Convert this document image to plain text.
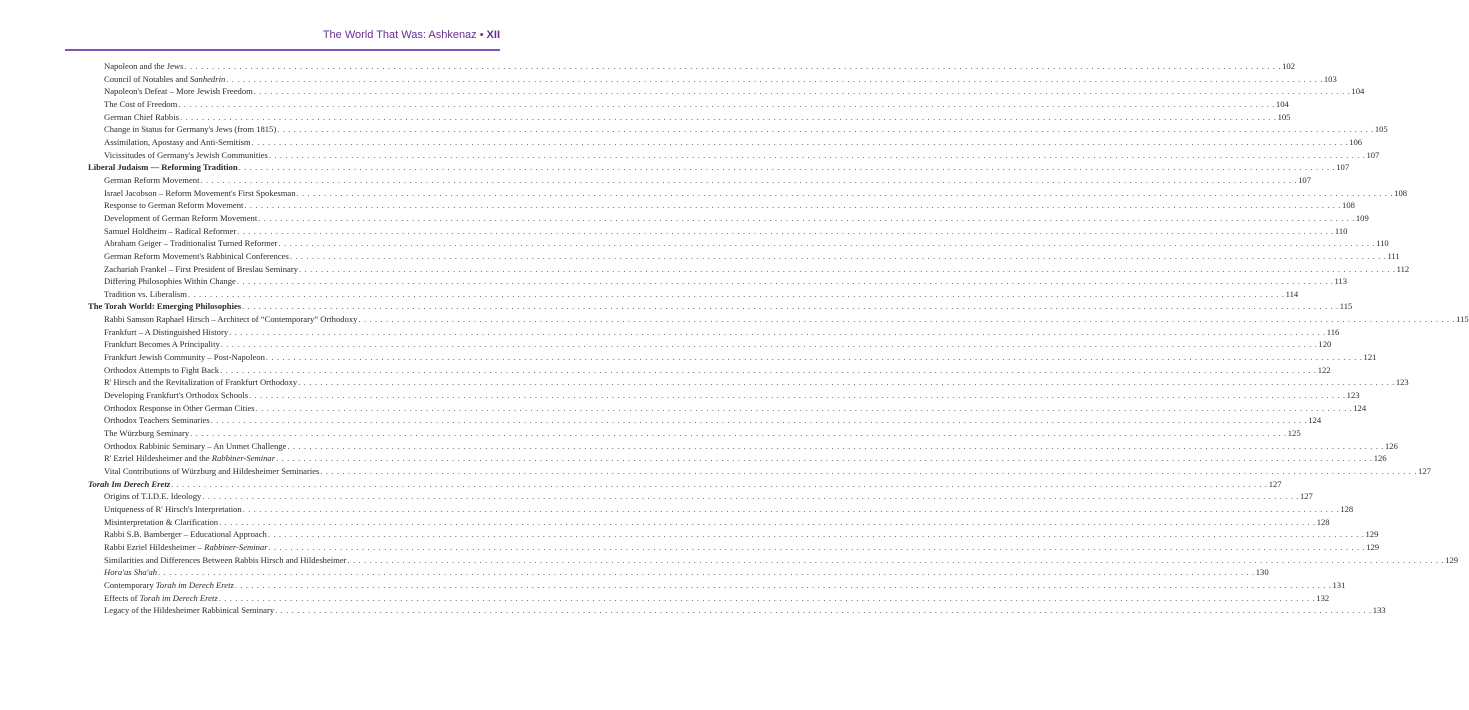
The World That Was: Ashkenaz • XII
Napoleon and the Jews . . . . . . . . . . . . . . . . . . . . . . . . . . . . . . . . . . . . . . . . . . . . . . . . . . . . . . . . . . . . . . . . . . . . . . . . . . . . . . . . . . . . . . . . . . . . . . . . . . . . . . . . . . . . . . . . . . . . . . . . . . . . . . . . . . . . . . . . . . . . . . . . . . . . . . . . . . . . . . . . . . . . . . . . . . . . . . . . . . . . . . . . . . . . . . . . . . . . . . . . 102
Council of Notables and Sanhedrin . . . . . . . . . . . . . . . . . . . . . . . . . . . . . . . . . . . . . . . . . . . . . . . . . . . . . . . . . . . . . . . . . . . . . . . . . . . . . . . . . . . . . . . . . . . . . . . . . . . . . . . . . . . . . . . . . . . . . . . . . . . . . . . . . . . . . . . . . . . . . . . . . . . . . . . . . . . . . . . . . . . . . . . . . . . . . . . . . . . . . . . . . . . . . . . . . . . . . . . . 103
Napoleon's Defeat – More Jewish Freedom . . . . . . . . . . . . . . . . . . . . . . . . . . . . . . . . . . . . . . . . . . . . . . . . . . . . . . . . . . . . . . . . . . . . . . . . . . . . . . . . . . . . . . . . . . . . . . . . . . . . . . . . . . . . . . . . . . . . . . . . . . . . . . . . . . . . . . . . . . . . . . . . . . . . . . . . . . . . . . . . . . . . . . . . . . . . . . . . . . . . . . . . . . . . . . . . . . . . . . . . 104
The Cost of Freedom . . . . . . . . . . . . . . . . . . . . . . . . . . . . . . . . . . . . . . . . . . . . . . . . . . . . . . . . . . . . . . . . . . . . . . . . . . . . . . . . . . . . . . . . . . . . . . . . . . . . . . . . . . . . . . . . . . . . . . . . . . . . . . . . . . . . . . . . . . . . . . . . . . . . . . . . . . . . . . . . . . . . . . . . . . . . . . . . . . . . . . . . . . . . . . . . . . . . . . . . 104
German Chief Rabbis . . . . . . . . . . . . . . . . . . . . . . . . . . . . . . . . . . . . . . . . . . . . . . . . . . . . . . . . . . . . . . . . . . . . . . . . . . . . . . . . . . . . . . . . . . . . . . . . . . . . . . . . . . . . . . . . . . . . . . . . . . . . . . . . . . . . . . . . . . . . . . . . . . . . . . . . . . . . . . . . . . . . . . . . . . . . . . . . . . . . . . . . . . . . . . . . . . . . . . . . 105
Change in Status for Germany's Jews (from 1815) . . . . . . . . . . . . . . . . . . . . . . . . . . . . . . . . . . . . . . . . . . . . . . . . . . . . . . . . . . . . . . . . . . . . . . . . . . . . . . . . . . . . . . . . . . . . . . . . . . . . . . . . . . . . . . . . . . . . . . . . . . . . . . . . . . . . . . . . . . . . . . . . . . . . . . . . . . . . . . . . . . . . . . . . . . . . . . . . . . . . . . . . . . . . . . . . . . . . . . . . 105
Assimilation, Apostasy and Anti-Semitism . . . . . . . . . . . . . . . . . . . . . . . . . . . . . . . . . . . . . . . . . . . . . . . . . . . . . . . . . . . . . . . . . . . . . . . . . . . . . . . . . . . . . . . . . . . . . . . . . . . . . . . . . . . . . . . . . . . . . . . . . . . . . . . . . . . . . . . . . . . . . . . . . . . . . . . . . . . . . . . . . . . . . . . . . . . . . . . . . . . . . . . . . . . . . . . . . . . . . . . . 106
Vicissitudes of Germany's Jewish Communities . . . . . . . . . . . . . . . . . . . . . . . . . . . . . . . . . . . . . . . . . . . . . . . . . . . . . . . . . . . . . . . . . . . . . . . . . . . . . . . . . . . . . . . . . . . . . . . . . . . . . . . . . . . . . . . . . . . . . . . . . . . . . . . . . . . . . . . . . . . . . . . . . . . . . . . . . . . . . . . . . . . . . . . . . . . . . . . . . . . . . . . . . . . . . . . . . . . . . . . . 107
Liberal Judaism — Reforming Tradition . . . . . . . . . . . . . . . . . . . . . . . . . . . . . . . . . . . . . . . . . . . . . . . . . . . . . . . . . . . . . . . . . . . . . . . . . . . . . . . . . . . . . . . . . . . . . . . . . . . . . . . . . . . . . . . . . . . . . . . . . . . . . . . . . . . . . . . . . . . . . . . . . . . . . . . . . . . . . . . . . . . . . . . . . . . . . . . . . . . . . . . . . . . . . . . . . . . . . . . . 107
German Reform Movement . . . . . . . . . . . . . . . . . . . . . . . . . . . . . . . . . . . . . . . . . . . . . . . . . . . . . . . . . . . . . . . . . . . . . . . . . . . . . . . . . . . . . . . . . . . . . . . . . . . . . . . . . . . . . . . . . . . . . . . . . . . . . . . . . . . . . . . . . . . . . . . . . . . . . . . . . . . . . . . . . . . . . . . . . . . . . . . . . . . . . . . . . . . . . . . . . . . . . . . . 107
Israel Jacobson – Reform Movement's First Spokesman . . . . . . . . . . . . . . . . . . . . . . . . . . . . . . . . . . . . . . . . . . . . . . . . . . . . . . . . . . . . . . . . . . . . . . . . . . . . . . . . . . . . . . . . . . . . . . . . . . . . . . . . . . . . . . . . . . . . . . . . . . . . . . . . . . . . . . . . . . . . . . . . . . . . . . . . . . . . . . . . . . . . . . . . . . . . . . . . . . . . . . . . . . . . . . . . . . . . . . . . 108
Response to German Reform Movement . . . . . . . . . . . . . . . . . . . . . . . . . . . . . . . . . . . . . . . . . . . . . . . . . . . . . . . . . . . . . . . . . . . . . . . . . . . . . . . . . . . . . . . . . . . . . . . . . . . . . . . . . . . . . . . . . . . . . . . . . . . . . . . . . . . . . . . . . . . . . . . . . . . . . . . . . . . . . . . . . . . . . . . . . . . . . . . . . . . . . . . . . . . . . . . . . . . . . . . . 108
Development of German Reform Movement . . . . . . . . . . . . . . . . . . . . . . . . . . . . . . . . . . . . . . . . . . . . . . . . . . . . . . . . . . . . . . . . . . . . . . . . . . . . . . . . . . . . . . . . . . . . . . . . . . . . . . . . . . . . . . . . . . . . . . . . . . . . . . . . . . . . . . . . . . . . . . . . . . . . . . . . . . . . . . . . . . . . . . . . . . . . . . . . . . . . . . . . . . . . . . . . . . . . . . . . 109
Samuel Holdheim – Radical Reformer . . . . . . . . . . . . . . . . . . . . . . . . . . . . . . . . . . . . . . . . . . . . . . . . . . . . . . . . . . . . . . . . . . . . . . . . . . . . . . . . . . . . . . . . . . . . . . . . . . . . . . . . . . . . . . . . . . . . . . . . . . . . . . . . . . . . . . . . . . . . . . . . . . . . . . . . . . . . . . . . . . . . . . . . . . . . . . . . . . . . . . . . . . . . . . . . . . . . . . . . 110
Abraham Geiger – Traditionalist Turned Reformer . . . . . . . . . . . . . . . . . . . . . . . . . . . . . . . . . . . . . . . . . . . . . . . . . . . . . . . . . . . . . . . . . . . . . . . . . . . . . . . . . . . . . . . . . . . . . . . . . . . . . . . . . . . . . . . . . . . . . . . . . . . . . . . . . . . . . . . . . . . . . . . . . . . . . . . . . . . . . . . . . . . . . . . . . . . . . . . . . . . . . . . . . . . . . . . . . . . . . . . . 110
German Reform Movement's Rabbinical Conferences . . . . . . . . . . . . . . . . . . . . . . . . . . . . . . . . . . . . . . . . . . . . . . . . . . . . . . . . . . . . . . . . . . . . . . . . . . . . . . . . . . . . . . . . . . . . . . . . . . . . . . . . . . . . . . . . . . . . . . . . . . . . . . . . . . . . . . . . . . . . . . . . . . . . . . . . . . . . . . . . . . . . . . . . . . . . . . . . . . . . . . . . . . . . . . . . . . . . . . . . 111
Zachariah Frankel – First President of Breslau Seminary . . . . . . . . . . . . . . . . . . . . . . . . . . . . . . . . . . . . . . . . . . . . . . . . . . . . . . . . . . . . . . . . . . . . . . . . . . . . . . . . . . . . . . . . . . . . . . . . . . . . . . . . . . . . . . . . . . . . . . . . . . . . . . . . . . . . . . . . . . . . . . . . . . . . . . . . . . . . . . . . . . . . . . . . . . . . . . . . . . . . . . . . . . . . . . . . . . . . . . . . 112
Differing Philosophies Within Change . . . . . . . . . . . . . . . . . . . . . . . . . . . . . . . . . . . . . . . . . . . . . . . . . . . . . . . . . . . . . . . . . . . . . . . . . . . . . . . . . . . . . . . . . . . . . . . . . . . . . . . . . . . . . . . . . . . . . . . . . . . . . . . . . . . . . . . . . . . . . . . . . . . . . . . . . . . . . . . . . . . . . . . . . . . . . . . . . . . . . . . . . . . . . . . . . . . . . . . . 113
Tradition vs. Liberalism . . . . . . . . . . . . . . . . . . . . . . . . . . . . . . . . . . . . . . . . . . . . . . . . . . . . . . . . . . . . . . . . . . . . . . . . . . . . . . . . . . . . . . . . . . . . . . . . . . . . . . . . . . . . . . . . . . . . . . . . . . . . . . . . . . . . . . . . . . . . . . . . . . . . . . . . . . . . . . . . . . . . . . . . . . . . . . . . . . . . . . . . . . . . . . . . . . . . . . . . 114
The Torah World: Emerging Philosophies . . . . . . . . . . . . . . . . . . . . . . . . . . . . . . . . . . . . . . . . . . . . . . . . . . . . . . . . . . . . . . . . . . . . . . . . . . . . . . . . . . . . . . . . . . . . . . . . . . . . . . . . . . . . . . . . . . . . . . . . . . . . . . . . . . . . . . . . . . . . . . . . . . . . . . . . . . . . . . . . . . . . . . . . . . . . . . . . . . . . . . . . . . . . . . . . . . . . . . . . 115
Rabbi Samson Raphael Hirsch – Architect of “Contemporary” Orthodoxy . . . . . . . . . . . . . . . . . . . . . . . . . . . . . . . . . . . . . . . . . . . . . . . . . . . . . . . . . . . . . . . . . . . . . . . . . . . . . . . . . . . . . . . . . . . . . . . . . . . . . . . . . . . . . . . . . . . . . . . . . . . . . . . . . . . . . . . . . . . . . . . . . . . . . . . . . . . . . . . . . . . . . . . . . . . . . . . . . . . . . . . . . . . . . . . . . . . . . . . . 115
Frankfurt – A Distinguished History . . . . . . . . . . . . . . . . . . . . . . . . . . . . . . . . . . . . . . . . . . . . . . . . . . . . . . . . . . . . . . . . . . . . . . . . . . . . . . . . . . . . . . . . . . . . . . . . . . . . . . . . . . . . . . . . . . . . . . . . . . . . . . . . . . . . . . . . . . . . . . . . . . . . . . . . . . . . . . . . . . . . . . . . . . . . . . . . . . . . . . . . . . . . . . . . . . . . . . . . 116
Frankfurt Becomes A Principality . . . . . . . . . . . . . . . . . . . . . . . . . . . . . . . . . . . . . . . . . . . . . . . . . . . . . . . . . . . . . . . . . . . . . . . . . . . . . . . . . . . . . . . . . . . . . . . . . . . . . . . . . . . . . . . . . . . . . . . . . . . . . . . . . . . . . . . . . . . . . . . . . . . . . . . . . . . . . . . . . . . . . . . . . . . . . . . . . . . . . . . . . . . . . . . . . . . . . . . . 120
Frankfurt Jewish Community – Post-Napoleon . . . . . . . . . . . . . . . . . . . . . . . . . . . . . . . . . . . . . . . . . . . . . . . . . . . . . . . . . . . . . . . . . . . . . . . . . . . . . . . . . . . . . . . . . . . . . . . . . . . . . . . . . . . . . . . . . . . . . . . . . . . . . . . . . . . . . . . . . . . . . . . . . . . . . . . . . . . . . . . . . . . . . . . . . . . . . . . . . . . . . . . . . . . . . . . . . . . . . . . . 121
Orthodox Attempts to Fight Back . . . . . . . . . . . . . . . . . . . . . . . . . . . . . . . . . . . . . . . . . . . . . . . . . . . . . . . . . . . . . . . . . . . . . . . . . . . . . . . . . . . . . . . . . . . . . . . . . . . . . . . . . . . . . . . . . . . . . . . . . . . . . . . . . . . . . . . . . . . . . . . . . . . . . . . . . . . . . . . . . . . . . . . . . . . . . . . . . . . . . . . . . . . . . . . . . . . . . . . . 122
R' Hirsch and the Revitalization of Frankfurt Orthodoxy . . . . . . . . . . . . . . . . . . . . . . . . . . . . . . . . . . . . . . . . . . . . . . . . . . . . . . . . . . . . . . . . . . . . . . . . . . . . . . . . . . . . . . . . . . . . . . . . . . . . . . . . . . . . . . . . . . . . . . . . . . . . . . . . . . . . . . . . . . . . . . . . . . . . . . . . . . . . . . . . . . . . . . . . . . . . . . . . . . . . . . . . . . . . . . . . . . . . . . . . 123
Developing Frankfurt's Orthodox Schools . . . . . . . . . . . . . . . . . . . . . . . . . . . . . . . . . . . . . . . . . . . . . . . . . . . . . . . . . . . . . . . . . . . . . . . . . . . . . . . . . . . . . . . . . . . . . . . . . . . . . . . . . . . . . . . . . . . . . . . . . . . . . . . . . . . . . . . . . . . . . . . . . . . . . . . . . . . . . . . . . . . . . . . . . . . . . . . . . . . . . . . . . . . . . . . . . . . . . . . . 123
Orthodox Response in Other German Cities . . . . . . . . . . . . . . . . . . . . . . . . . . . . . . . . . . . . . . . . . . . . . . . . . . . . . . . . . . . . . . . . . . . . . . . . . . . . . . . . . . . . . . . . . . . . . . . . . . . . . . . . . . . . . . . . . . . . . . . . . . . . . . . . . . . . . . . . . . . . . . . . . . . . . . . . . . . . . . . . . . . . . . . . . . . . . . . . . . . . . . . . . . . . . . . . . . . . . . . . 124
Orthodox Teachers Seminaries . . . . . . . . . . . . . . . . . . . . . . . . . . . . . . . . . . . . . . . . . . . . . . . . . . . . . . . . . . . . . . . . . . . . . . . . . . . . . . . . . . . . . . . . . . . . . . . . . . . . . . . . . . . . . . . . . . . . . . . . . . . . . . . . . . . . . . . . . . . . . . . . . . . . . . . . . . . . . . . . . . . . . . . . . . . . . . . . . . . . . . . . . . . . . . . . . . . . . . . . 124
The Würzburg Seminary . . . . . . . . . . . . . . . . . . . . . . . . . . . . . . . . . . . . . . . . . . . . . . . . . . . . . . . . . . . . . . . . . . . . . . . . . . . . . . . . . . . . . . . . . . . . . . . . . . . . . . . . . . . . . . . . . . . . . . . . . . . . . . . . . . . . . . . . . . . . . . . . . . . . . . . . . . . . . . . . . . . . . . . . . . . . . . . . . . . . . . . . . . . . . . . . . . . . . . . . 125
Orthodox Rabbinic Seminary – An Unmet Challenge . . . . . . . . . . . . . . . . . . . . . . . . . . . . . . . . . . . . . . . . . . . . . . . . . . . . . . . . . . . . . . . . . . . . . . . . . . . . . . . . . . . . . . . . . . . . . . . . . . . . . . . . . . . . . . . . . . . . . . . . . . . . . . . . . . . . . . . . . . . . . . . . . . . . . . . . . . . . . . . . . . . . . . . . . . . . . . . . . . . . . . . . . . . . . . . . . . . . . . . . 126
R' Ezriel Hildesheimer and the Rabbiner-Seminar . . . . . . . . . . . . . . . . . . . . . . . . . . . . . . . . . . . . . . . . . . . . . . . . . . . . . . . . . . . . . . . . . . . . . . . . . . . . . . . . . . . . . . . . . . . . . . . . . . . . . . . . . . . . . . . . . . . . . . . . . . . . . . . . . . . . . . . . . . . . . . . . . . . . . . . . . . . . . . . . . . . . . . . . . . . . . . . . . . . . . . . . . . . . . . . . . . . . . . . . 126
Vital Contributions of Würzburg and Hildesheimer Seminaries . . . . . . . . . . . . . . . . . . . . . . . . . . . . . . . . . . . . . . . . . . . . . . . . . . . . . . . . . . . . . . . . . . . . . . . . . . . . . . . . . . . . . . . . . . . . . . . . . . . . . . . . . . . . . . . . . . . . . . . . . . . . . . . . . . . . . . . . . . . . . . . . . . . . . . . . . . . . . . . . . . . . . . . . . . . . . . . . . . . . . . . . . . . . . . . . . . . . . . . . 127
Torah Im Derech Eretz . . . . . . . . . . . . . . . . . . . . . . . . . . . . . . . . . . . . . . . . . . . . . . . . . . . . . . . . . . . . . . . . . . . . . . . . . . . . . . . . . . . . . . . . . . . . . . . . . . . . . . . . . . . . . . . . . . . . . . . . . . . . . . . . . . . . . . . . . . . . . . . . . . . . . . . . . . . . . . . . . . . . . . . . . . . . . . . . . . . . . . . . . . . . . . . . . . . . . . . . 127
Origins of T.I.D.E. Ideology . . . . . . . . . . . . . . . . . . . . . . . . . . . . . . . . . . . . . . . . . . . . . . . . . . . . . . . . . . . . . . . . . . . . . . . . . . . . . . . . . . . . . . . . . . . . . . . . . . . . . . . . . . . . . . . . . . . . . . . . . . . . . . . . . . . . . . . . . . . . . . . . . . . . . . . . . . . . . . . . . . . . . . . . . . . . . . . . . . . . . . . . . . . . . . . . . . . . . . . . 127
Uniqueness of R' Hirsch's Interpretation . . . . . . . . . . . . . . . . . . . . . . . . . . . . . . . . . . . . . . . . . . . . . . . . . . . . . . . . . . . . . . . . . . . . . . . . . . . . . . . . . . . . . . . . . . . . . . . . . . . . . . . . . . . . . . . . . . . . . . . . . . . . . . . . . . . . . . . . . . . . . . . . . . . . . . . . . . . . . . . . . . . . . . . . . . . . . . . . . . . . . . . . . . . . . . . . . . . . . . . . 128
Misinterpretation & Clarification . . . . . . . . . . . . . . . . . . . . . . . . . . . . . . . . . . . . . . . . . . . . . . . . . . . . . . . . . . . . . . . . . . . . . . . . . . . . . . . . . . . . . . . . . . . . . . . . . . . . . . . . . . . . . . . . . . . . . . . . . . . . . . . . . . . . . . . . . . . . . . . . . . . . . . . . . . . . . . . . . . . . . . . . . . . . . . . . . . . . . . . . . . . . . . . . . . . . . . . . 128
Rabbi S.B. Bamberger – Educational Approach . . . . . . . . . . . . . . . . . . . . . . . . . . . . . . . . . . . . . . . . . . . . . . . . . . . . . . . . . . . . . . . . . . . . . . . . . . . . . . . . . . . . . . . . . . . . . . . . . . . . . . . . . . . . . . . . . . . . . . . . . . . . . . . . . . . . . . . . . . . . . . . . . . . . . . . . . . . . . . . . . . . . . . . . . . . . . . . . . . . . . . . . . . . . . . . . . . . . . . . . 129
Rabbi Ezriel Hildesheimer – Rabbiner-Seminar . . . . . . . . . . . . . . . . . . . . . . . . . . . . . . . . . . . . . . . . . . . . . . . . . . . . . . . . . . . . . . . . . . . . . . . . . . . . . . . . . . . . . . . . . . . . . . . . . . . . . . . . . . . . . . . . . . . . . . . . . . . . . . . . . . . . . . . . . . . . . . . . . . . . . . . . . . . . . . . . . . . . . . . . . . . . . . . . . . . . . . . . . . . . . . . . . . . . . . . . 129
Similarities and Differences Between Rabbis Hirsch and Hildesheimer . . . . . . . . . . . . . . . . . . . . . . . . . . . . . . . . . . . . . . . . . . . . . . . . . . . . . . . . . . . . . . . . . . . . . . . . . . . . . . . . . . . . . . . . . . . . . . . . . . . . . . . . . . . . . . . . . . . . . . . . . . . . . . . . . . . . . . . . . . . . . . . . . . . . . . . . . . . . . . . . . . . . . . . . . . . . . . . . . . . . . . . . . . . . . . . . . . . . . . . . 129
Hora'as Sha'ah . . . . . . . . . . . . . . . . . . . . . . . . . . . . . . . . . . . . . . . . . . . . . . . . . . . . . . . . . . . . . . . . . . . . . . . . . . . . . . . . . . . . . . . . . . . . . . . . . . . . . . . . . . . . . . . . . . . . . . . . . . . . . . . . . . . . . . . . . . . . . . . . . . . . . . . . . . . . . . . . . . . . . . . . . . . . . . . . . . . . . . . . . . . . . . . . . . . . . . . . 130
Contemporary Torah im Derech Eretz . . . . . . . . . . . . . . . . . . . . . . . . . . . . . . . . . . . . . . . . . . . . . . . . . . . . . . . . . . . . . . . . . . . . . . . . . . . . . . . . . . . . . . . . . . . . . . . . . . . . . . . . . . . . . . . . . . . . . . . . . . . . . . . . . . . . . . . . . . . . . . . . . . . . . . . . . . . . . . . . . . . . . . . . . . . . . . . . . . . . . . . . . . . . . . . . . . . . . . . . 131
Effects of Torah im Derech Eretz . . . . . . . . . . . . . . . . . . . . . . . . . . . . . . . . . . . . . . . . . . . . . . . . . . . . . . . . . . . . . . . . . . . . . . . . . . . . . . . . . . . . . . . . . . . . . . . . . . . . . . . . . . . . . . . . . . . . . . . . . . . . . . . . . . . . . . . . . . . . . . . . . . . . . . . . . . . . . . . . . . . . . . . . . . . . . . . . . . . . . . . . . . . . . . . . . . . . . . . . 132
Legacy of the Hildesheimer Rabbinical Seminary . . . . . . . . . . . . . . . . . . . . . . . . . . . . . . . . . . . . . . . . . . . . . . . . . . . . . . . . . . . . . . . . . . . . . . . . . . . . . . . . . . . . . . . . . . . . . . . . . . . . . . . . . . . . . . . . . . . . . . . . . . . . . . . . . . . . . . . . . . . . . . . . . . . . . . . . . . . . . . . . . . . . . . . . . . . . . . . . . . . . . . . . . . . . . . . . . . . . . . . . 133
